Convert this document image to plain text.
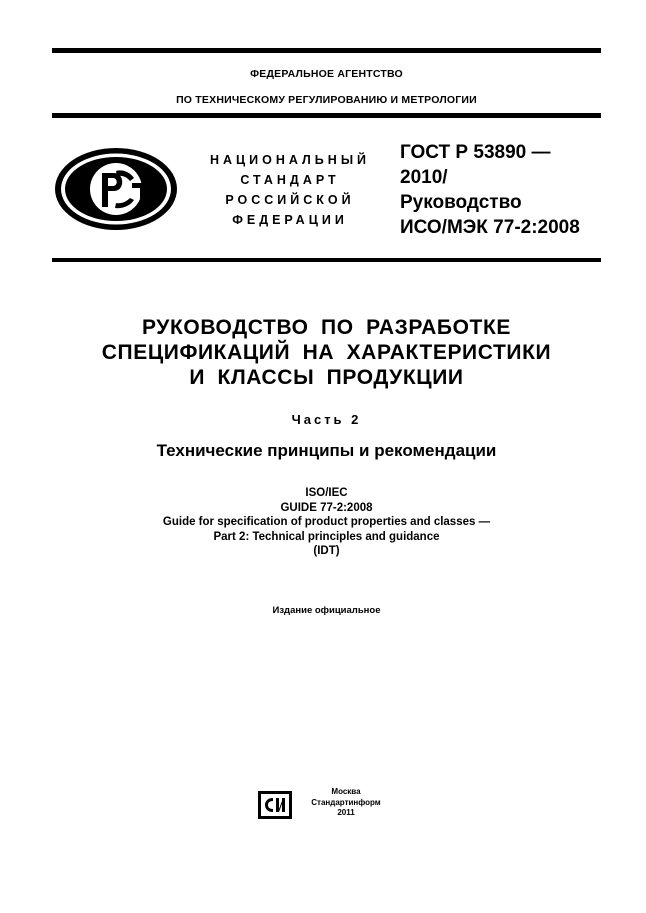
ФЕДЕРАЛЬНОЕ АГЕНТСТВО
ПО ТЕХНИЧЕСКОМУ РЕГУЛИРОВАНИЮ И МЕТРОЛОГИИ
РСТ
НАЦИОНАЛЬНЫЙ
СТАНДАРТ
РОССИЙСКОЙ
ФЕДЕРАЦИИ
ГОСТ Р 53890 —
2010/
Руководство
ИСО/МЭК 77-2:2008
РУКОВОДСТВО ПО РАЗРАБОТКЕ
СПЕЦИФИКАЦИЙ НА ХАРАКТЕРИСТИКИ
И КЛАССЫ ПРОДУКЦИИ
Часть 2
Технические принципы и рекомендации
ISO/IEC
GUIDE 77-2:2008
Guide for specification of product properties and classes —
Part 2: Technical principles and guidance
(IDT)
Издание официальное
СИ	Москва
Стандартинформ
2011
